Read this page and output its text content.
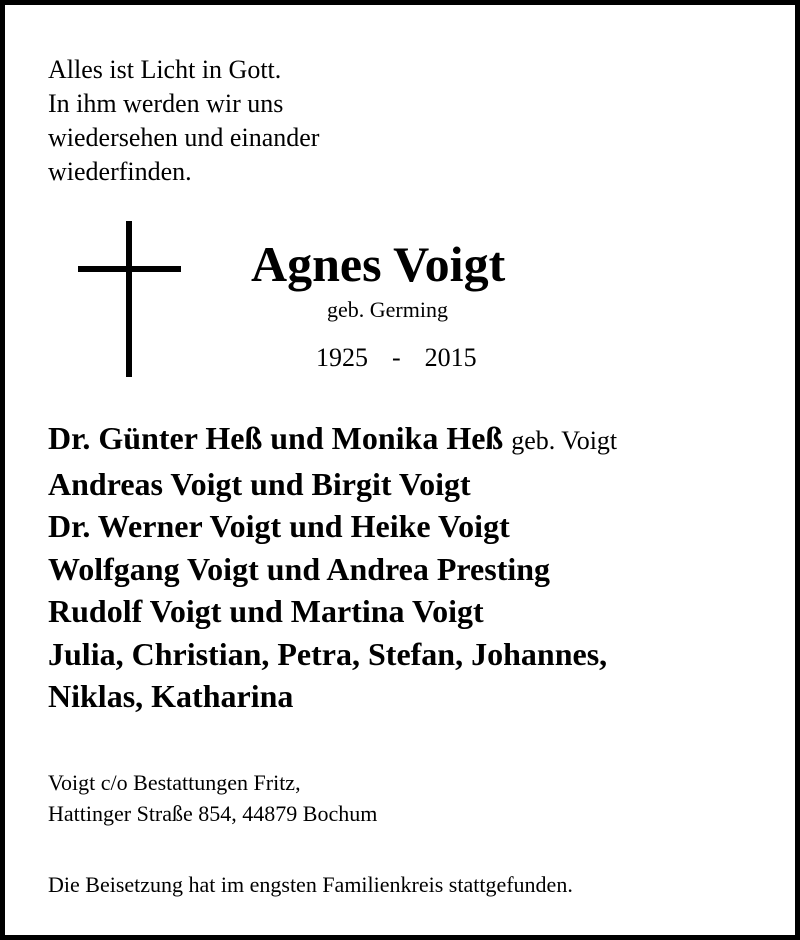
Alles ist Licht in Gott.
In ihm werden wir uns
wiedersehen und einander
wiederfinden.
Agnes Voigt
geb. Germing
1925 - 2015
Dr. Günter Heß und Monika Heß geb. Voigt
Andreas Voigt und Birgit Voigt
Dr. Werner Voigt und Heike Voigt
Wolfgang Voigt und Andrea Presting
Rudolf Voigt und Martina Voigt
Julia, Christian, Petra, Stefan, Johannes,
Niklas, Katharina
Voigt c/o Bestattungen Fritz,
Hattinger Straße 854, 44879 Bochum
Die Beisetzung hat im engsten Familienkreis stattgefunden.
